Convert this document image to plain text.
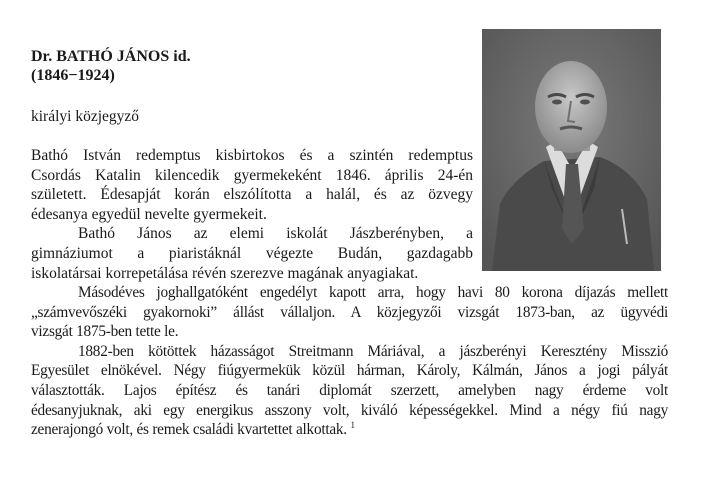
Dr. BATHÓ JÁNOS id.
(1846−1924)
királyi közjegyző
Bathó István redemptus kisbirtokos és a szintén redemptus
Csordás Katalin kilencedik gyermekeként 1846. április 24-én
született. Édesapját korán elszólította a halál, és az özvegy
édesanya egyedül nevelte gyermekeit.
Bathó János az elemi iskolát Jászberényben, a
gimnáziumot a piaristáknál végezte Budán, gazdagabb
iskolatársai korrepetálása révén szerezve magának anyagiakat.
Másodéves joghallgatóként engedélyt kapott arra, hogy havi 80 korona díjazás mellett
„számvevőszéki gyakornoki” állást vállaljon. A közjegyzői vizsgát 1873-ban, az ügyvédi
vizsgát 1875-ben tette le.
1882-ben kötöttek házasságot Streitmann Máriával, a jászberényi Keresztény Misszió
Egyesület elnökével. Négy fiúgyermekük közül hárman, Károly, Kálmán, János a jogi pályát
választották. Lajos építész és tanári diplomát szerzett, amelyben nagy érdeme volt
édesanyjuknak, aki egy energikus asszony volt, kiváló képességekkel. Mind a négy fiú nagy
zenerajongó volt, és remek családi kvartettet alkottak. $^1$
